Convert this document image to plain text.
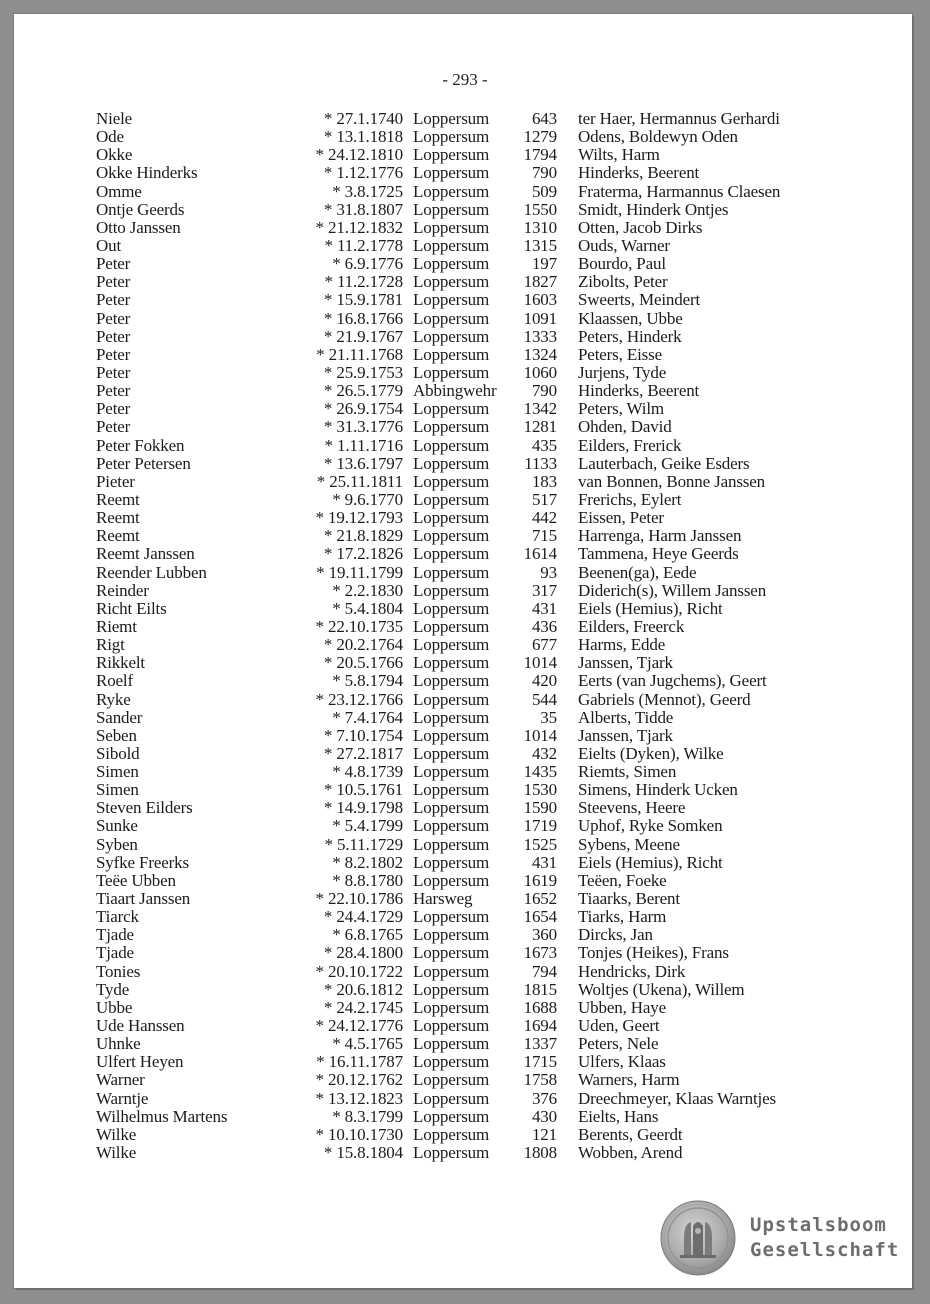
- 293 -
Niele	* 27.1.1740 Loppersum	643 ter Haer, Hermannus Gerhardi
Ode	* 13.1.1818 Loppersum 1279 Odens, Boldewyn Oden
Okke	* 24.12.1810 Loppersum 1794 Wilts, Harm
Okke Hinderks	* 1.12.1776 Loppersum	790 Hinderks, Beerent
Omme	* 3.8.1725 Loppersum	509 Fraterma, Harmannus Claesen
Ontje Geerds	* 31.8.1807 Loppersum 1550 Smidt, Hinderk Ontjes
Otto Janssen	* 21.12.1832 Loppersum 1310 Otten, Jacob Dirks
Out	* 11.2.1778 Loppersum 1315 Ouds, Warner
Peter	* 6.9.1776 Loppersum	197 Bourdo, Paul
Peter	* 11.2.1728 Loppersum 1827 Zibolts, Peter
Peter	* 15.9.1781 Loppersum 1603 Sweerts, Meindert
Peter	* 16.8.1766 Loppersum 1091 Klaassen, Ubbe
Peter	* 21.9.1767 Loppersum 1333 Peters, Hinderk
Peter	* 21.11.1768 Loppersum 1324 Peters, Eisse
Peter	* 25.9.1753 Loppersum 1060 Jurjens, Tyde
Peter	* 26.5.1779 Abbingwehr 790 Hinderks, Beerent
Peter	* 26.9.1754 Loppersum 1342 Peters, Wilm
Peter	* 31.3.1776 Loppersum 1281 Ohden, David
Peter Fokken	* 1.11.1716 Loppersum	435 Eilders, Frerick
Peter Petersen	* 13.6.1797 Loppersum 1133 Lauterbach, Geike Esders
Pieter	* 25.11.1811 Loppersum	183 van Bonnen, Bonne Janssen
Reemt	* 9.6.1770 Loppersum	517 Frerichs, Eylert
Reemt	* 19.12.1793 Loppersum	442 Eissen, Peter
Reemt	* 21.8.1829 Loppersum	715 Harrenga, Harm Janssen
Reemt Janssen	* 17.2.1826 Loppersum 1614 Tammena, Heye Geerds
Reender Lubben	* 19.11.1799 Loppersum	93 Beenen(ga), Eede
Reinder	* 2.2.1830 Loppersum	317 Diderich(s), Willem Janssen
Richt Eilts	* 5.4.1804 Loppersum	431 Eiels (Hemius), Richt
Riemt	* 22.10.1735 Loppersum	436 Eilders, Freerck
Rigt	* 20.2.1764 Loppersum	677 Harms, Edde
Rikkelt	* 20.5.1766 Loppersum 1014 Janssen, Tjark
Roelf	* 5.8.1794 Loppersum	420 Eerts (van Jugchems), Geert
Ryke	* 23.12.1766 Loppersum	544 Gabriels (Mennot), Geerd
Sander	* 7.4.1764 Loppersum	35 Alberts, Tidde
Seben	* 7.10.1754 Loppersum 1014 Janssen, Tjark
Sibold	* 27.2.1817 Loppersum	432 Eielts (Dyken), Wilke
Simen	* 4.8.1739 Loppersum 1435 Riemts, Simen
Simen	* 10.5.1761 Loppersum 1530 Simens, Hinderk Ucken
Steven Eilders	* 14.9.1798 Loppersum 1590 Steevens, Heere
Sunke	* 5.4.1799 Loppersum 1719 Uphof, Ryke Somken
Syben	* 5.11.1729 Loppersum 1525 Sybens, Meene
Syfke Freerks	* 8.2.1802 Loppersum	431 Eiels (Hemius), Richt
Teёe Ubben	* 8.8.1780 Loppersum 1619 Teëen, Foeke
Tiaart Janssen	* 22.10.1786 Harsweg	1652 Tiaarks, Berent
Tiarck	* 24.4.1729 Loppersum 1654 Tiarks, Harm
Tjade	* 6.8.1765 Loppersum	360 Dircks, Jan
Tjade	* 28.4.1800 Loppersum 1673 Tonjes (Heikes), Frans
Tonies	* 20.10.1722 Loppersum	794 Hendricks, Dirk
Tyde	* 20.6.1812 Loppersum 1815 Woltjes (Ukena), Willem
Ubbe	* 24.2.1745 Loppersum 1688 Ubben, Haye
Ude Hanssen	* 24.12.1776 Loppersum 1694 Uden, Geert
Uhnke	* 4.5.1765 Loppersum 1337 Peters, Nele
Ulfert Heyen	* 16.11.1787 Loppersum 1715 Ulfers, Klaas
Warner	* 20.12.1762 Loppersum 1758 Warners, Harm
Warntje	* 13.12.1823 Loppersum	376 Dreechmeyer, Klaas Warntjes
Wilhelmus Martens	* 8.3.1799 Loppersum	430 Eielts, Hans
Wilke	* 10.10.1730 Loppersum	121 Berents, Geerdt
Wilke	* 15.8.1804 Loppersum 1808 Wobben, Arend
Upstalsboom
Gesellschaft
